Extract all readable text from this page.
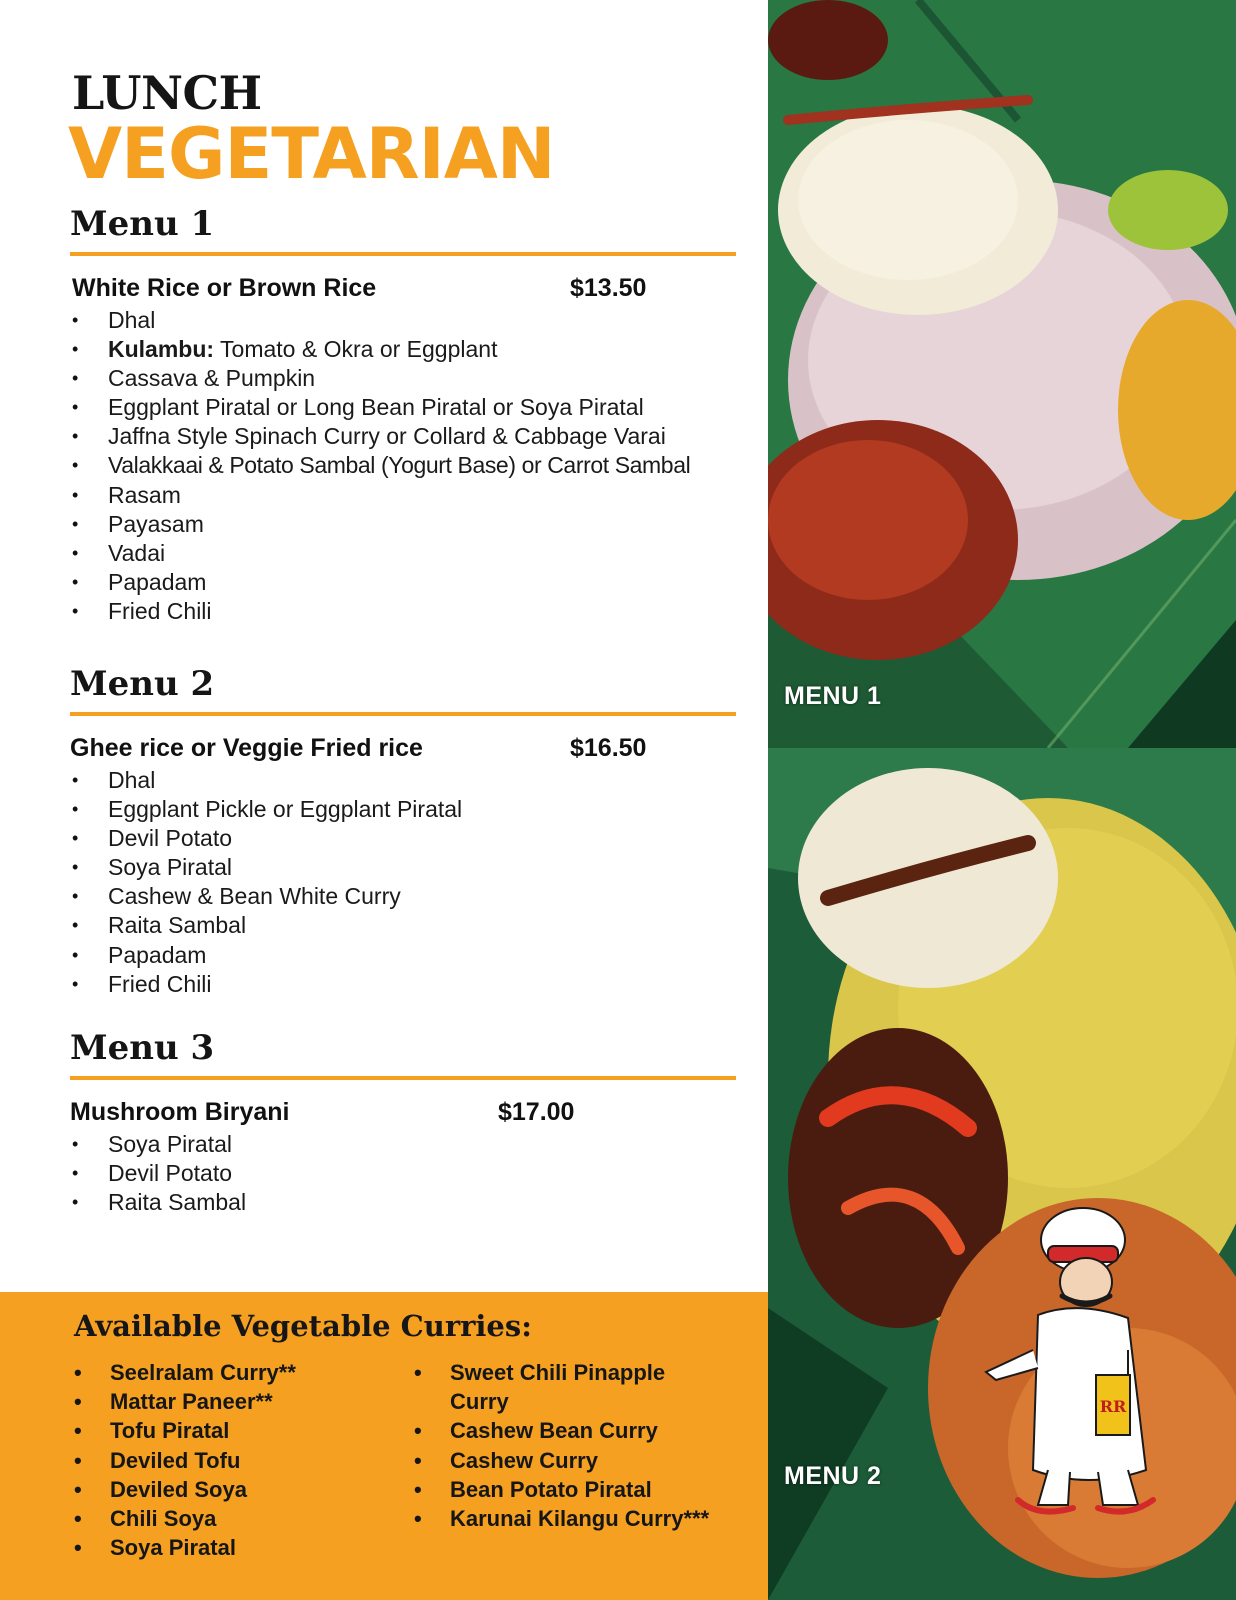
LUNCH
VEGETARIAN
Menu 1
White Rice or Brown Rice	$13.50
• Dhal
• Kulambu: Tomato & Okra or Eggplant
• Cassava & Pumpkin
• Eggplant Piratal or Long Bean Piratal or Soya Piratal
• Jaffna Style Spinach Curry or Collard & Cabbage Varai
• Valakkaai & Potato Sambal (Yogurt Base) or Carrot Sambal
• Rasam
• Payasam
• Vadai
• Papadam
• Fried Chili
Menu 2
Ghee rice or Veggie Fried rice	$16.50
• Dhal
• Eggplant Pickle or Eggplant Piratal
• Devil Potato
• Soya Piratal
• Cashew & Bean White Curry
• Raita Sambal
• Papadam
• Fried Chili
Menu 3
Mushroom Biryani	$17.00
• Soya Piratal
• Devil Potato
• Raita Sambal
Available Vegetable Curries:
• Seelralam Curry**
• Mattar Paneer**
• Tofu Piratal
• Deviled Tofu
• Deviled Soya
• Chili Soya
• Soya Piratal
• Sweet Chili Pinapple Curry
• Cashew Bean Curry
• Cashew Curry
• Bean Potato Piratal
• Karunai Kilangu Curry***
MENU 1
MENU 2
RR
